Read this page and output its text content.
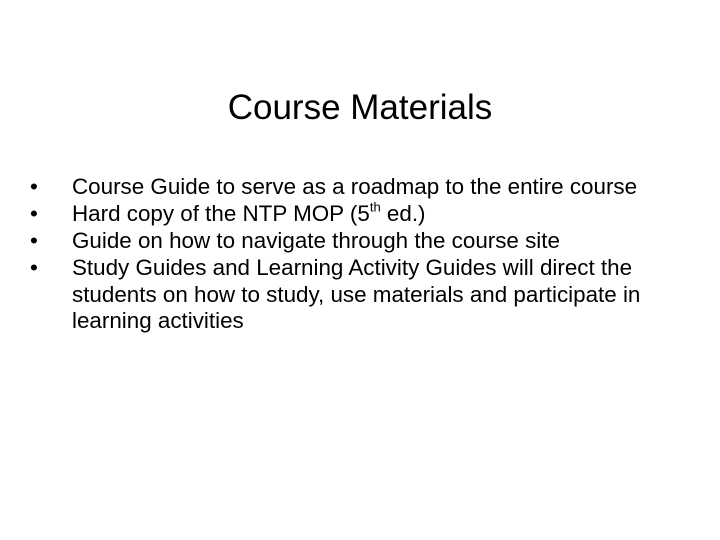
Course Materials
•	Course Guide to serve as a roadmap to the entire course
•	Hard copy of the NTP MOP (5th ed.)
•	Guide on how to navigate through the course site
•	Study Guides and Learning Activity Guides will direct the students on how to study, use materials and participate in learning activities
